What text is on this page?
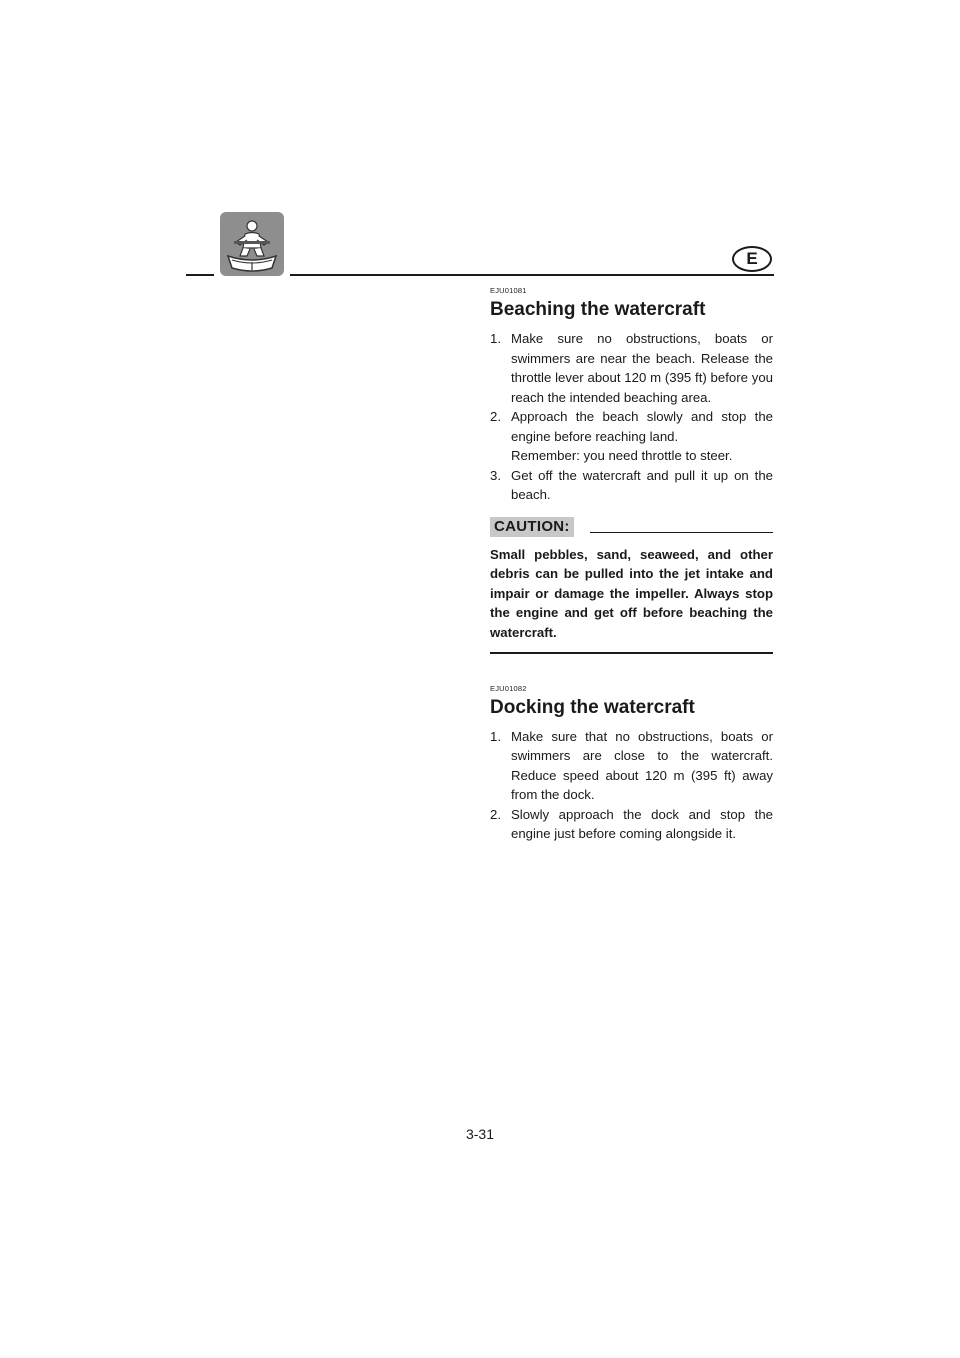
E

EJU01081

Beaching the watercraft
1. Make sure no obstructions, boats or swimmers are near the beach. Release the throttle lever about 120 m (395 ft) before you reach the intended beaching area.
2. Approach the beach slowly and stop the engine before reaching land.
Remember: you need throttle to steer.
3. Get off the watercraft and pull it up on the beach.
CAUTION:

Small pebbles, sand, seaweed, and other debris can be pulled into the jet intake and impair or damage the impeller. Always stop the engine and get off before beaching the watercraft.

EJU01082

Docking the watercraft
1. Make sure that no obstructions, boats or swimmers are close to the watercraft. Reduce speed about 120 m (395 ft) away from the dock.
2. Slowly approach the dock and stop the engine just before coming alongside it.
3-31
